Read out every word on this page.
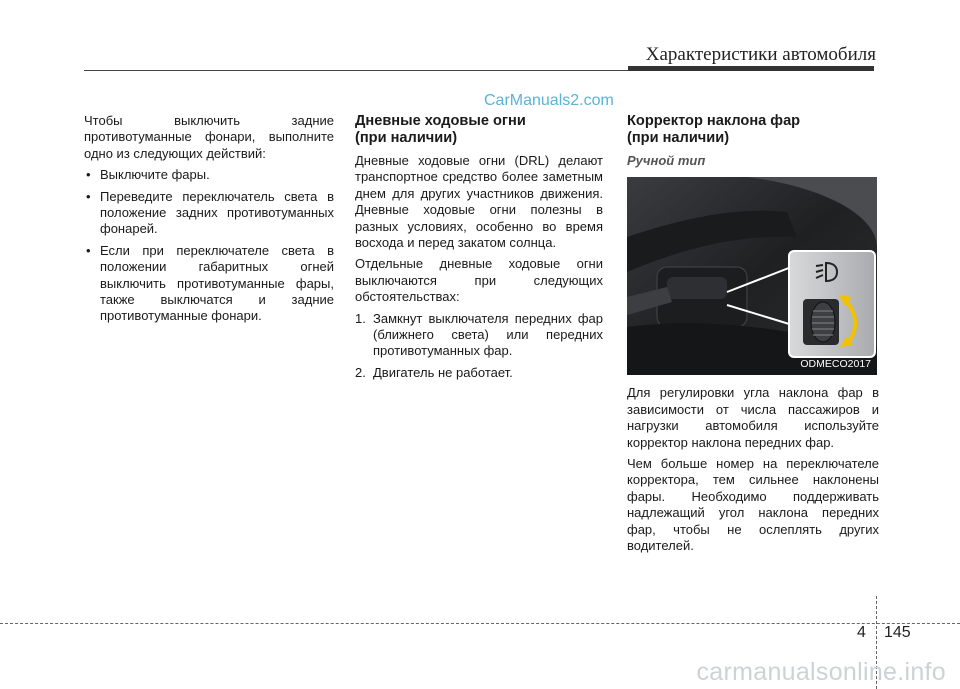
Характеристики автомобиля
CarManuals2.com

Чтобы выключить задние противотуманные фонари, выполните одно из следующих действий:

• Выключите фары.
• Переведите переключатель света в положение задних противотуманных фонарей.
• Если при переключателе света в положении габаритных огней выключить противотуманные фары, также выключатся и задние противотуманные фонари.
Дневные ходовые огни
(при наличии)

Дневные ходовые огни (DRL) делают транспортное средство более заметным днем для других участников движения. Дневные ходовые огни полезны в разных условиях, особенно во время восхода и перед закатом солнца.

Отдельные дневные ходовые огни выключаются при следующих обстоятельствах:

1. Замкнут выключателя передних фар (ближнего света) или передних противотуманных фар.
2. Двигатель не работает.
Корректор наклона фар
(при наличии)
Ручной тип
ODMECO2017

Для регулировки угла наклона фар в зависимости от числа пассажиров и нагрузки автомобиля используйте корректор наклона передних фар.

Чем больше номер на переключателе корректора, тем сильнее наклонены фары. Необходимо поддерживать надлежащий угол наклона передних фар, чтобы не ослеплять других водителей.

4 145
carmanualsonline.info
